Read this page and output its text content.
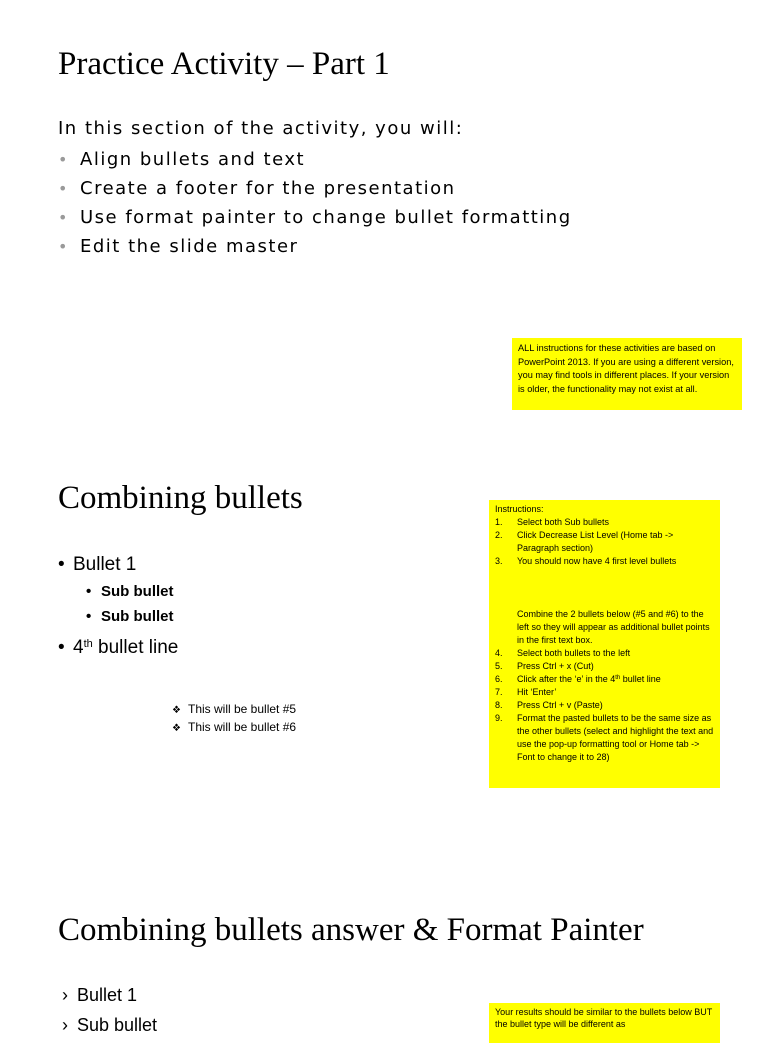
Practice Activity – Part 1

In this section of the activity, you will:

• Align bullets and text
• Create a footer for the presentation
• Use format painter to change bullet formatting
• Edit the slide master
ALL instructions for these activities are based on PowerPoint 2013. If you are using a different version, you may find tools in different places. If your version is older, the functionality may not exist at all.
Combining bullets
• Bullet 1
• Sub bullet
• Sub bullet
• 4th bullet line
❖ This will be bullet #5
❖ This will be bullet #6
Instructions:
1.	Select both Sub bullets
2.	Click Decrease List Level (Home tab -> Paragraph section)
3.	You should now have 4 first level bullets
Combine the 2 bullets below (#5 and #6) to the left so they will appear as additional bullet points in the first text box.
4.	Select both bullets to the left
5.	Press Ctrl + x (Cut)
6.	Click after the ‘e’ in the 4th bullet line
7.	Hit ‘Enter’
8.	Press Ctrl + v (Paste)
9.	Format the pasted bullets to be the same size as the other bullets (select and highlight the text and use the pop-up formatting tool or Home tab -> Font to change it to 28)
Combining bullets answer & Format Painter
› Bullet 1
› Sub bullet
Your results should be similar to the bullets below BUT the bullet type will be different as
